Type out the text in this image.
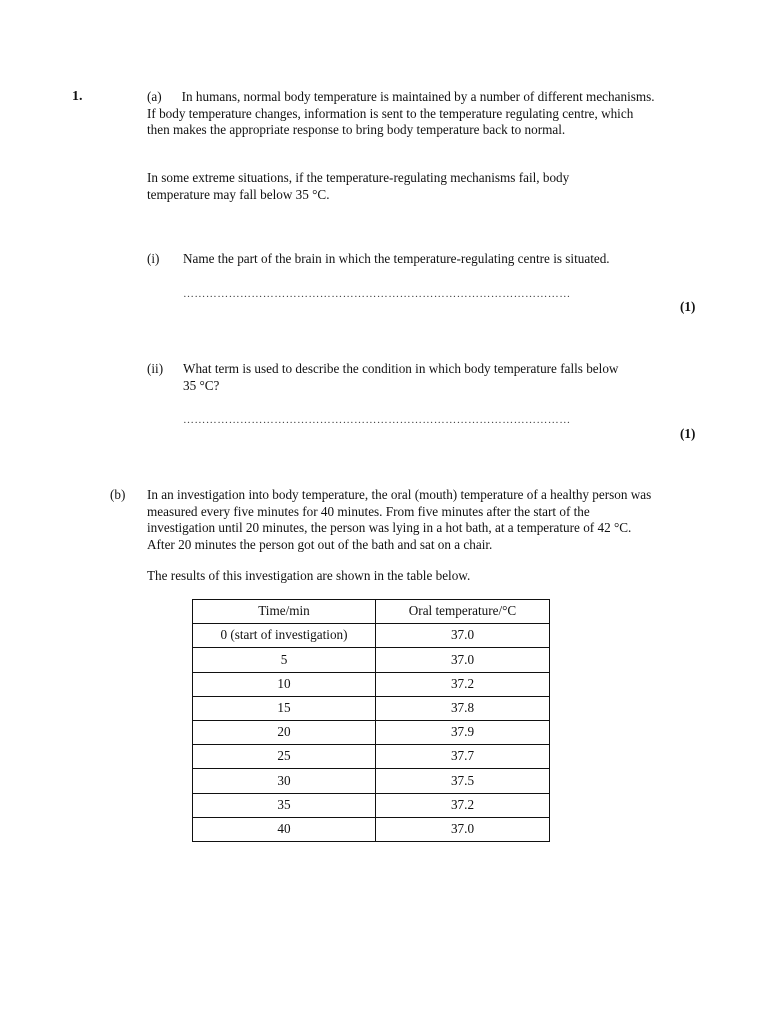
1.	(a) In humans, normal body temperature is maintained by a number of different mechanisms. If body temperature changes, information is sent to the temperature regulating centre, which then makes the appropriate response to bring body temperature back to normal.

In some extreme situations, if the temperature-regulating mechanisms fail, body temperature may fall below 35 °C.

(i) Name the part of the brain in which the temperature-regulating centre is situated.
…………………………………………………………………………………………
(1)
(ii) What term is used to describe the condition in which body temperature falls below 35 °C?
…………………………………………………………………………………………
(1)
(b) In an investigation into body temperature, the oral (mouth) temperature of a healthy person was measured every five minutes for 40 minutes. From five minutes after the start of the investigation until 20 minutes, the person was lying in a hot bath, at a temperature of 42 °C. After 20 minutes the person got out of the bath and sat on a chair.
The results of this investigation are shown in the table below.
Time/min	Oral temperature/°C
0 (start of investigation)	37.0
5	37.0
10	37.2
15	37.8
20	37.9
25	37.7
30	37.5
35	37.2
40	37.0
